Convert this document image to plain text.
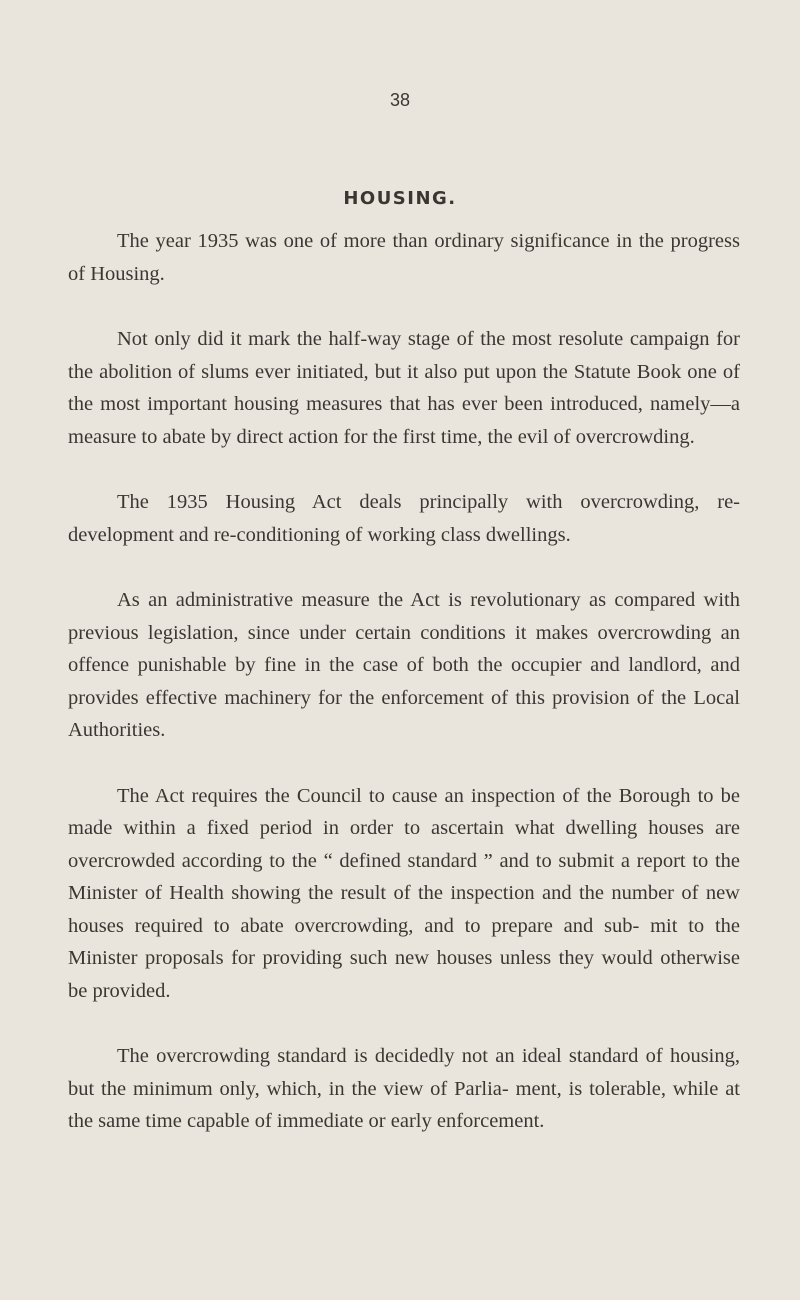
38
HOUSING.

The year 1935 was one of more than ordinary significance in the progress of Housing.

Not only did it mark the half-way stage of the most resolute campaign for the abolition of slums ever initiated, but it also put upon the Statute Book one of the most important housing measures that has ever been introduced, namely—a measure to abate by direct action for the first time, the evil of overcrowding.

The 1935 Housing Act deals principally with overcrowding, re-development and re-conditioning of working class dwellings.

As an administrative measure the Act is revolutionary as compared with previous legislation, since under certain conditions it makes overcrowding an offence punishable by fine in the case of both the occupier and landlord, and provides effective machinery for the enforcement of this provision of the Local Authorities.

The Act requires the Council to cause an inspection of the Borough to be made within a fixed period in order to ascertain what dwelling houses are overcrowded according to the “ defined standard ” and to submit a report to the Minister of Health showing the result of the inspection and the number of new houses required to abate overcrowding, and to prepare and sub- mit to the Minister proposals for providing such new houses unless they would otherwise be provided.

The overcrowding standard is decidedly not an ideal standard of housing, but the minimum only, which, in the view of Parlia- ment, is tolerable, while at the same time capable of immediate or early enforcement.
